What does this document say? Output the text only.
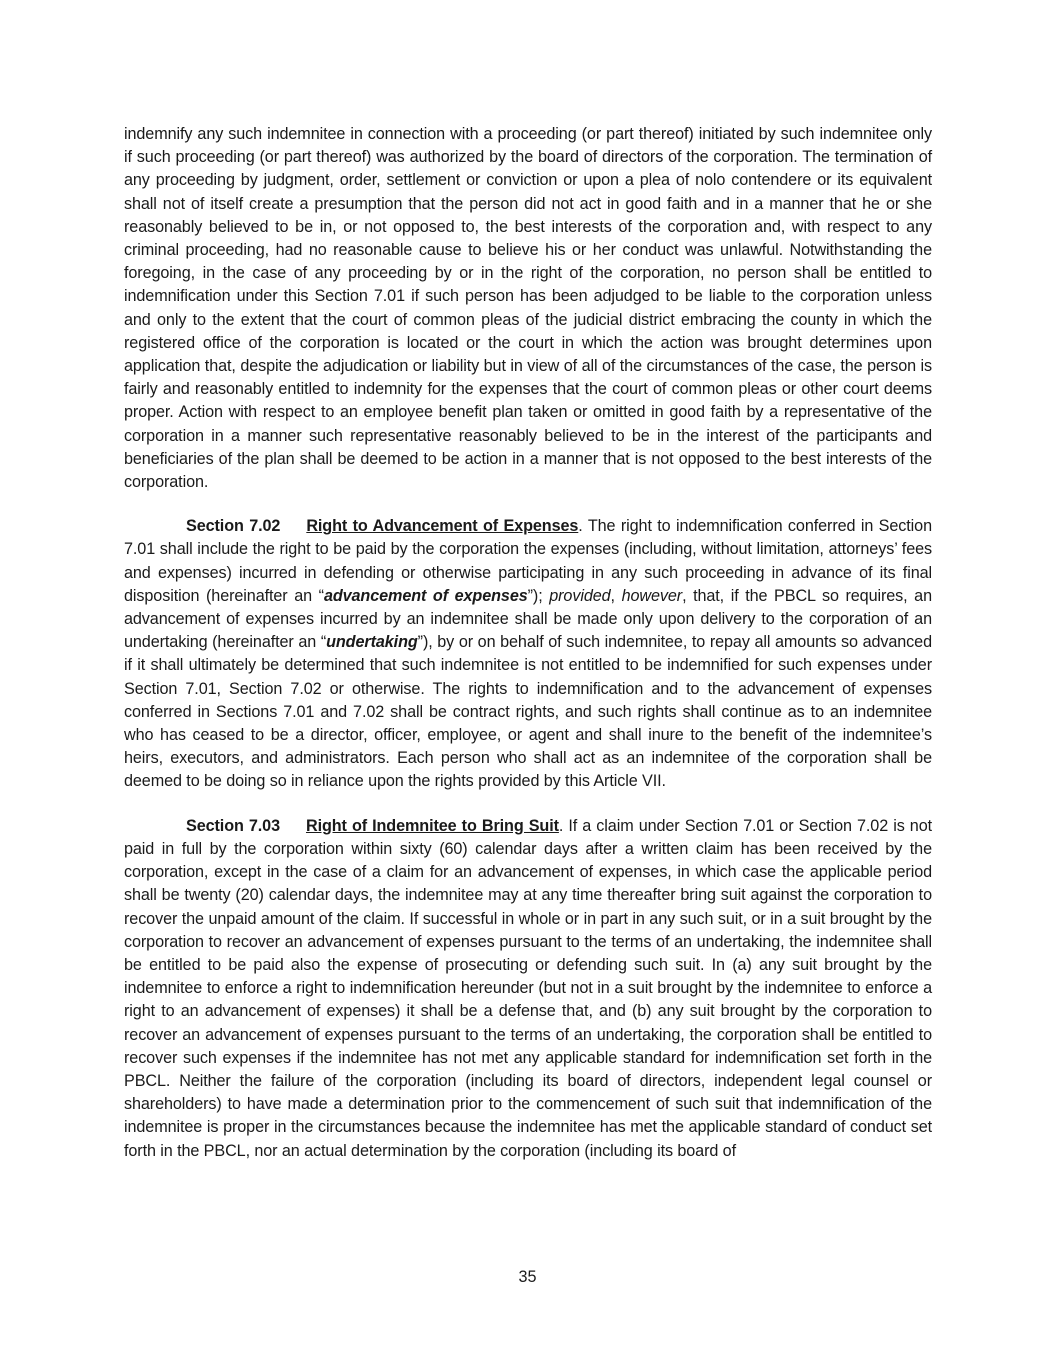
indemnify any such indemnitee in connection with a proceeding (or part thereof) initiated by such indemnitee only if such proceeding (or part thereof) was authorized by the board of directors of the corporation. The termination of any proceeding by judgment, order, settlement or conviction or upon a plea of nolo contendere or its equivalent shall not of itself create a presumption that the person did not act in good faith and in a manner that he or she reasonably believed to be in, or not opposed to, the best interests of the corporation and, with respect to any criminal proceeding, had no reasonable cause to believe his or her conduct was unlawful. Notwithstanding the foregoing, in the case of any proceeding by or in the right of the corporation, no person shall be entitled to indemnification under this Section 7.01 if such person has been adjudged to be liable to the corporation unless and only to the extent that the court of common pleas of the judicial district embracing the county in which the registered office of the corporation is located or the court in which the action was brought determines upon application that, despite the adjudication or liability but in view of all of the circumstances of the case, the person is fairly and reasonably entitled to indemnity for the expenses that the court of common pleas or other court deems proper. Action with respect to an employee benefit plan taken or omitted in good faith by a representative of the corporation in a manner such representative reasonably believed to be in the interest of the participants and beneficiaries of the plan shall be deemed to be action in a manner that is not opposed to the best interests of the corporation.

Section 7.02 Right to Advancement of Expenses. The right to indemnification conferred in Section 7.01 shall include the right to be paid by the corporation the expenses (including, without limitation, attorneys’ fees and expenses) incurred in defending or otherwise participating in any such proceeding in advance of its final disposition (hereinafter an “advancement of expenses”); provided, however, that, if the PBCL so requires, an advancement of expenses incurred by an indemnitee shall be made only upon delivery to the corporation of an undertaking (hereinafter an “undertaking”), by or on behalf of such indemnitee, to repay all amounts so advanced if it shall ultimately be determined that such indemnitee is not entitled to be indemnified for such expenses under Section 7.01, Section 7.02 or otherwise. The rights to indemnification and to the advancement of expenses conferred in Sections 7.01 and 7.02 shall be contract rights, and such rights shall continue as to an indemnitee who has ceased to be a director, officer, employee, or agent and shall inure to the benefit of the indemnitee’s heirs, executors, and administrators. Each person who shall act as an indemnitee of the corporation shall be deemed to be doing so in reliance upon the rights provided by this Article VII.

Section 7.03 Right of Indemnitee to Bring Suit. If a claim under Section 7.01 or Section 7.02 is not paid in full by the corporation within sixty (60) calendar days after a written claim has been received by the corporation, except in the case of a claim for an advancement of expenses, in which case the applicable period shall be twenty (20) calendar days, the indemnitee may at any time thereafter bring suit against the corporation to recover the unpaid amount of the claim. If successful in whole or in part in any such suit, or in a suit brought by the corporation to recover an advancement of expenses pursuant to the terms of an undertaking, the indemnitee shall be entitled to be paid also the expense of prosecuting or defending such suit. In (a) any suit brought by the indemnitee to enforce a right to indemnification hereunder (but not in a suit brought by the indemnitee to enforce a right to an advancement of expenses) it shall be a defense that, and (b) any suit brought by the corporation to recover an advancement of expenses pursuant to the terms of an undertaking, the corporation shall be entitled to recover such expenses if the indemnitee has not met any applicable standard for indemnification set forth in the PBCL. Neither the failure of the corporation (including its board of directors, independent legal counsel or shareholders) to have made a determination prior to the commencement of such suit that indemnification of the indemnitee is proper in the circumstances because the indemnitee has met the applicable standard of conduct set forth in the PBCL, nor an actual determination by the corporation (including its board of

35
